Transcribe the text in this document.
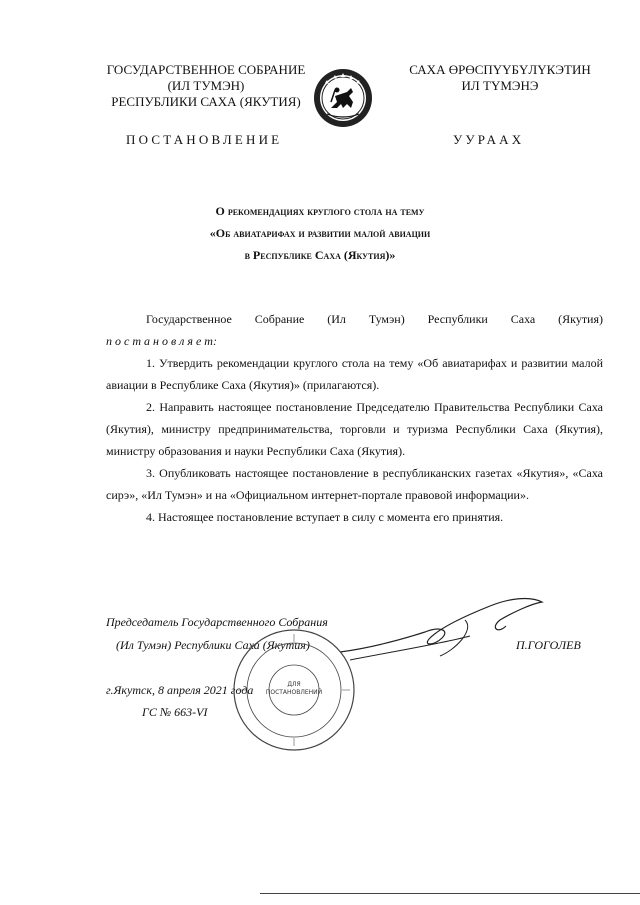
ГОСУДАРСТВЕННОЕ СОБРАНИЕ
(ИЛ ТУМЭН)
РЕСПУБЛИКИ САХА (ЯКУТИЯ)
САХА ӨРӨСПҮҮБҮЛҮКЭТИН
ИЛ ТҮМЭНЭ
ПОСТАНОВЛЕНИЕ	УУРААХ
О рекомендациях круглого стола на тему
«Об авиатарифах и развитии малой авиации
в Республике Саха (Якутия)»

Государственное Собрание (Ил Тумэн) Республики Саха (Якутия)

п о с т а н о в л я е т:

1. Утвердить рекомендации круглого стола на тему «Об авиатарифах и развитии малой авиации в Республике Саха (Якутия)» (прилагаются).

2. Направить настоящее постановление Председателю Правительства Республики Саха (Якутия), министру предпринимательства, торговли и туризма Республики Саха (Якутия), министру образования и науки Республики Саха (Якутия).

3. Опубликовать настоящее постановление в республиканских газетах «Якутия», «Саха сирэ», «Ил Тумэн» и на «Официальном интернет-портале правовой информации».

4. Настоящее постановление вступает в силу с момента его принятия.

Председатель Государственного Собрания
(Ил Тумэн) Республики Саха (Якутия)	П.ГОГОЛЕВ
г.Якутск, 8 апреля 2021 года
ГС № 663-VI
ДЛЯ
ПОСТАНОВЛЕНИЙ
